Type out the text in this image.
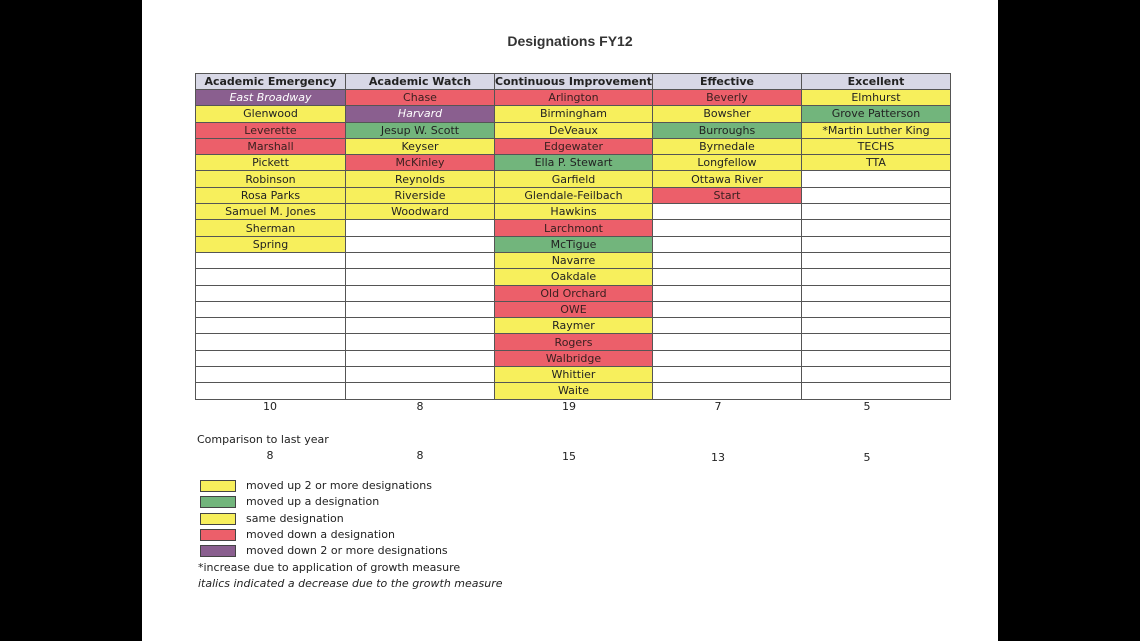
Designations FY12
Academic Emergency	Academic Watch	Continuous Improvement	Effective	Excellent
East Broadway	Chase	Arlington	Beverly	Elmhurst
Glenwood	Harvard	Birmingham	Bowsher	Grove Patterson
Leverette	Jesup W. Scott	DeVeaux	Burroughs	*Martin Luther King
Marshall	Keyser	Edgewater	Byrnedale	TECHS
Pickett	McKinley	Ella P. Stewart	Longfellow	TTA
Robinson	Reynolds	Garfield	Ottawa River	
Rosa Parks	Riverside	Glendale-Feilbach	Start	
Samuel M. Jones	Woodward	Hawkins		
Sherman		Larchmont		
Spring		McTigue		
		Navarre		
		Oakdale		
		Old Orchard		
		OWE		
		Raymer		
		Rogers		
		Walbridge		
		Whittier		
		Waite		
10	8	19	7	5
Comparison to last year
8	8	15	13	5
moved up 2 or more designations
moved up a designation
same designation
moved down a designation
moved down 2 or more designations
*increase due to application of growth measure
italics indicated a decrease due to the growth measure
